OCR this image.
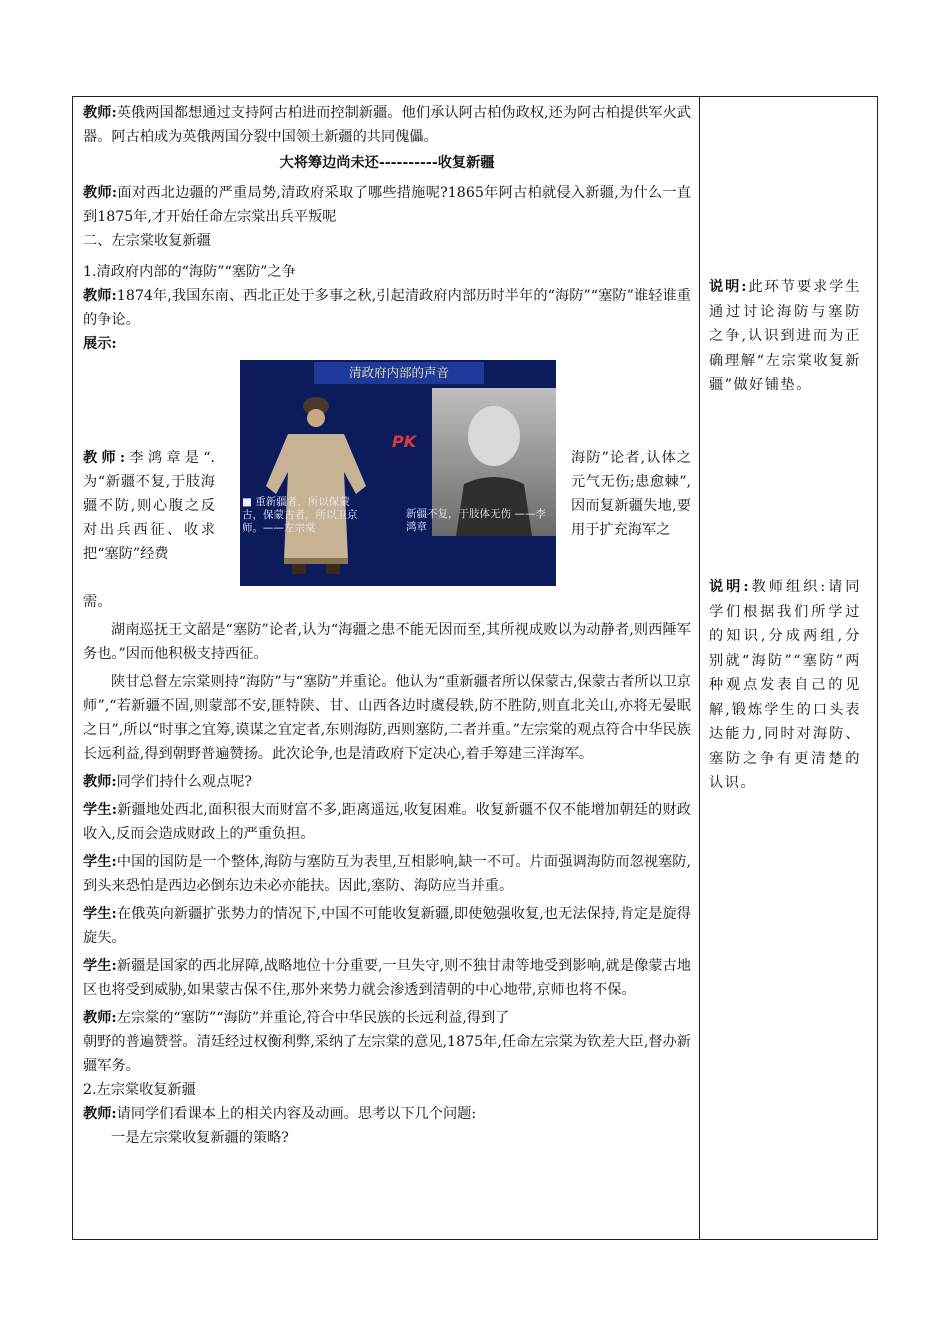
教师:英俄两国都想通过支持阿古柏进而控制新疆。他们承认阿古柏伪政权,还为阿古柏提供军火武器。阿古柏成为英俄两国分裂中国领土新疆的共同傀儡。

大将筹边尚未还----------收复新疆

教师:面对西北边疆的严重局势,清政府采取了哪些措施呢?1865年阿古柏就侵入新疆,为什么一直到1875年,才开始任命左宗棠出兵平叛呢

二、左宗棠收复新疆

1.清政府内部的“海防”“塞防”之争

教师:1874年,我国东南、西北正处于多事之秋,引起清政府内部历时半年的“海防”“塞防”谁轻谁重的争论。

展示:

教师:李鸿章是“.为“新疆不复,于肢海疆不防,则心腹之反对出兵西征、收求把“塞防”经费

清政府内部的声音
PK
■ 重新疆者，所以保蒙古，保蒙古者，所以卫京师。——左宗棠
新疆不复，于肢体无伤 ——李鸿章

海防”论者,认体之元气无伤;患愈棘”,因而复新疆失地,要用于扩充海军之

需。

湖南巡抚王文韶是“塞防”论者,认为“海疆之患不能无因而至,其所视成败以为动静者,则西陲军务也。”因而他积极支持西征。

陕甘总督左宗棠则持“海防”与“塞防”并重论。他认为“重新疆者所以保蒙古,保蒙古者所以卫京师”,“若新疆不固,则蒙部不安,匪特陕、甘、山西各边时虞侵轶,防不胜防,则直北关山,亦将无晏眠之日”,所以“时事之宜筹,谟谋之宜定者,东则海防,西则塞防,二者并重。”左宗棠的观点符合中华民族长远利益,得到朝野普遍赞扬。此次论争,也是清政府下定决心,着手筹建三洋海军。

教师:同学们持什么观点呢?

学生:新疆地处西北,面积很大而财富不多,距离遥远,收复困难。收复新疆不仅不能增加朝廷的财政收入,反而会造成财政上的严重负担。

学生:中国的国防是一个整体,海防与塞防互为表里,互相影响,缺一不可。片面强调海防而忽视塞防,到头来恐怕是西边必倒东边未必亦能扶。因此,塞防、海防应当并重。

学生:在俄英向新疆扩张势力的情况下,中国不可能收复新疆,即使勉强收复,也无法保持,肯定是旋得旋失。

学生:新疆是国家的西北屏障,战略地位十分重要,一旦失守,则不独甘肃等地受到影响,就是像蒙古地区也将受到威胁,如果蒙古保不住,那外来势力就会渗透到清朝的中心地带,京师也将不保。

教师:左宗棠的“塞防”“海防”并重论,符合中华民族的长远利益,得到了

朝野的普遍赞誉。清廷经过权衡利弊,采纳了左宗棠的意见,1875年,任命左宗棠为钦差大臣,督办新疆军务。

2.左宗棠收复新疆

教师:请同学们看课本上的相关内容及动画。思考以下几个问题:

一是左宗棠收复新疆的策略?

说明:此环节要求学生通过讨论海防与塞防之争,认识到进而为正确理解“左宗棠收复新疆”做好铺垫。
说明:教师组织:请同学们根据我们所学过的知识,分成两组,分别就“海防”“塞防”两种观点发表自己的见解,锻炼学生的口头表达能力,同时对海防、塞防之争有更清楚的认识。
